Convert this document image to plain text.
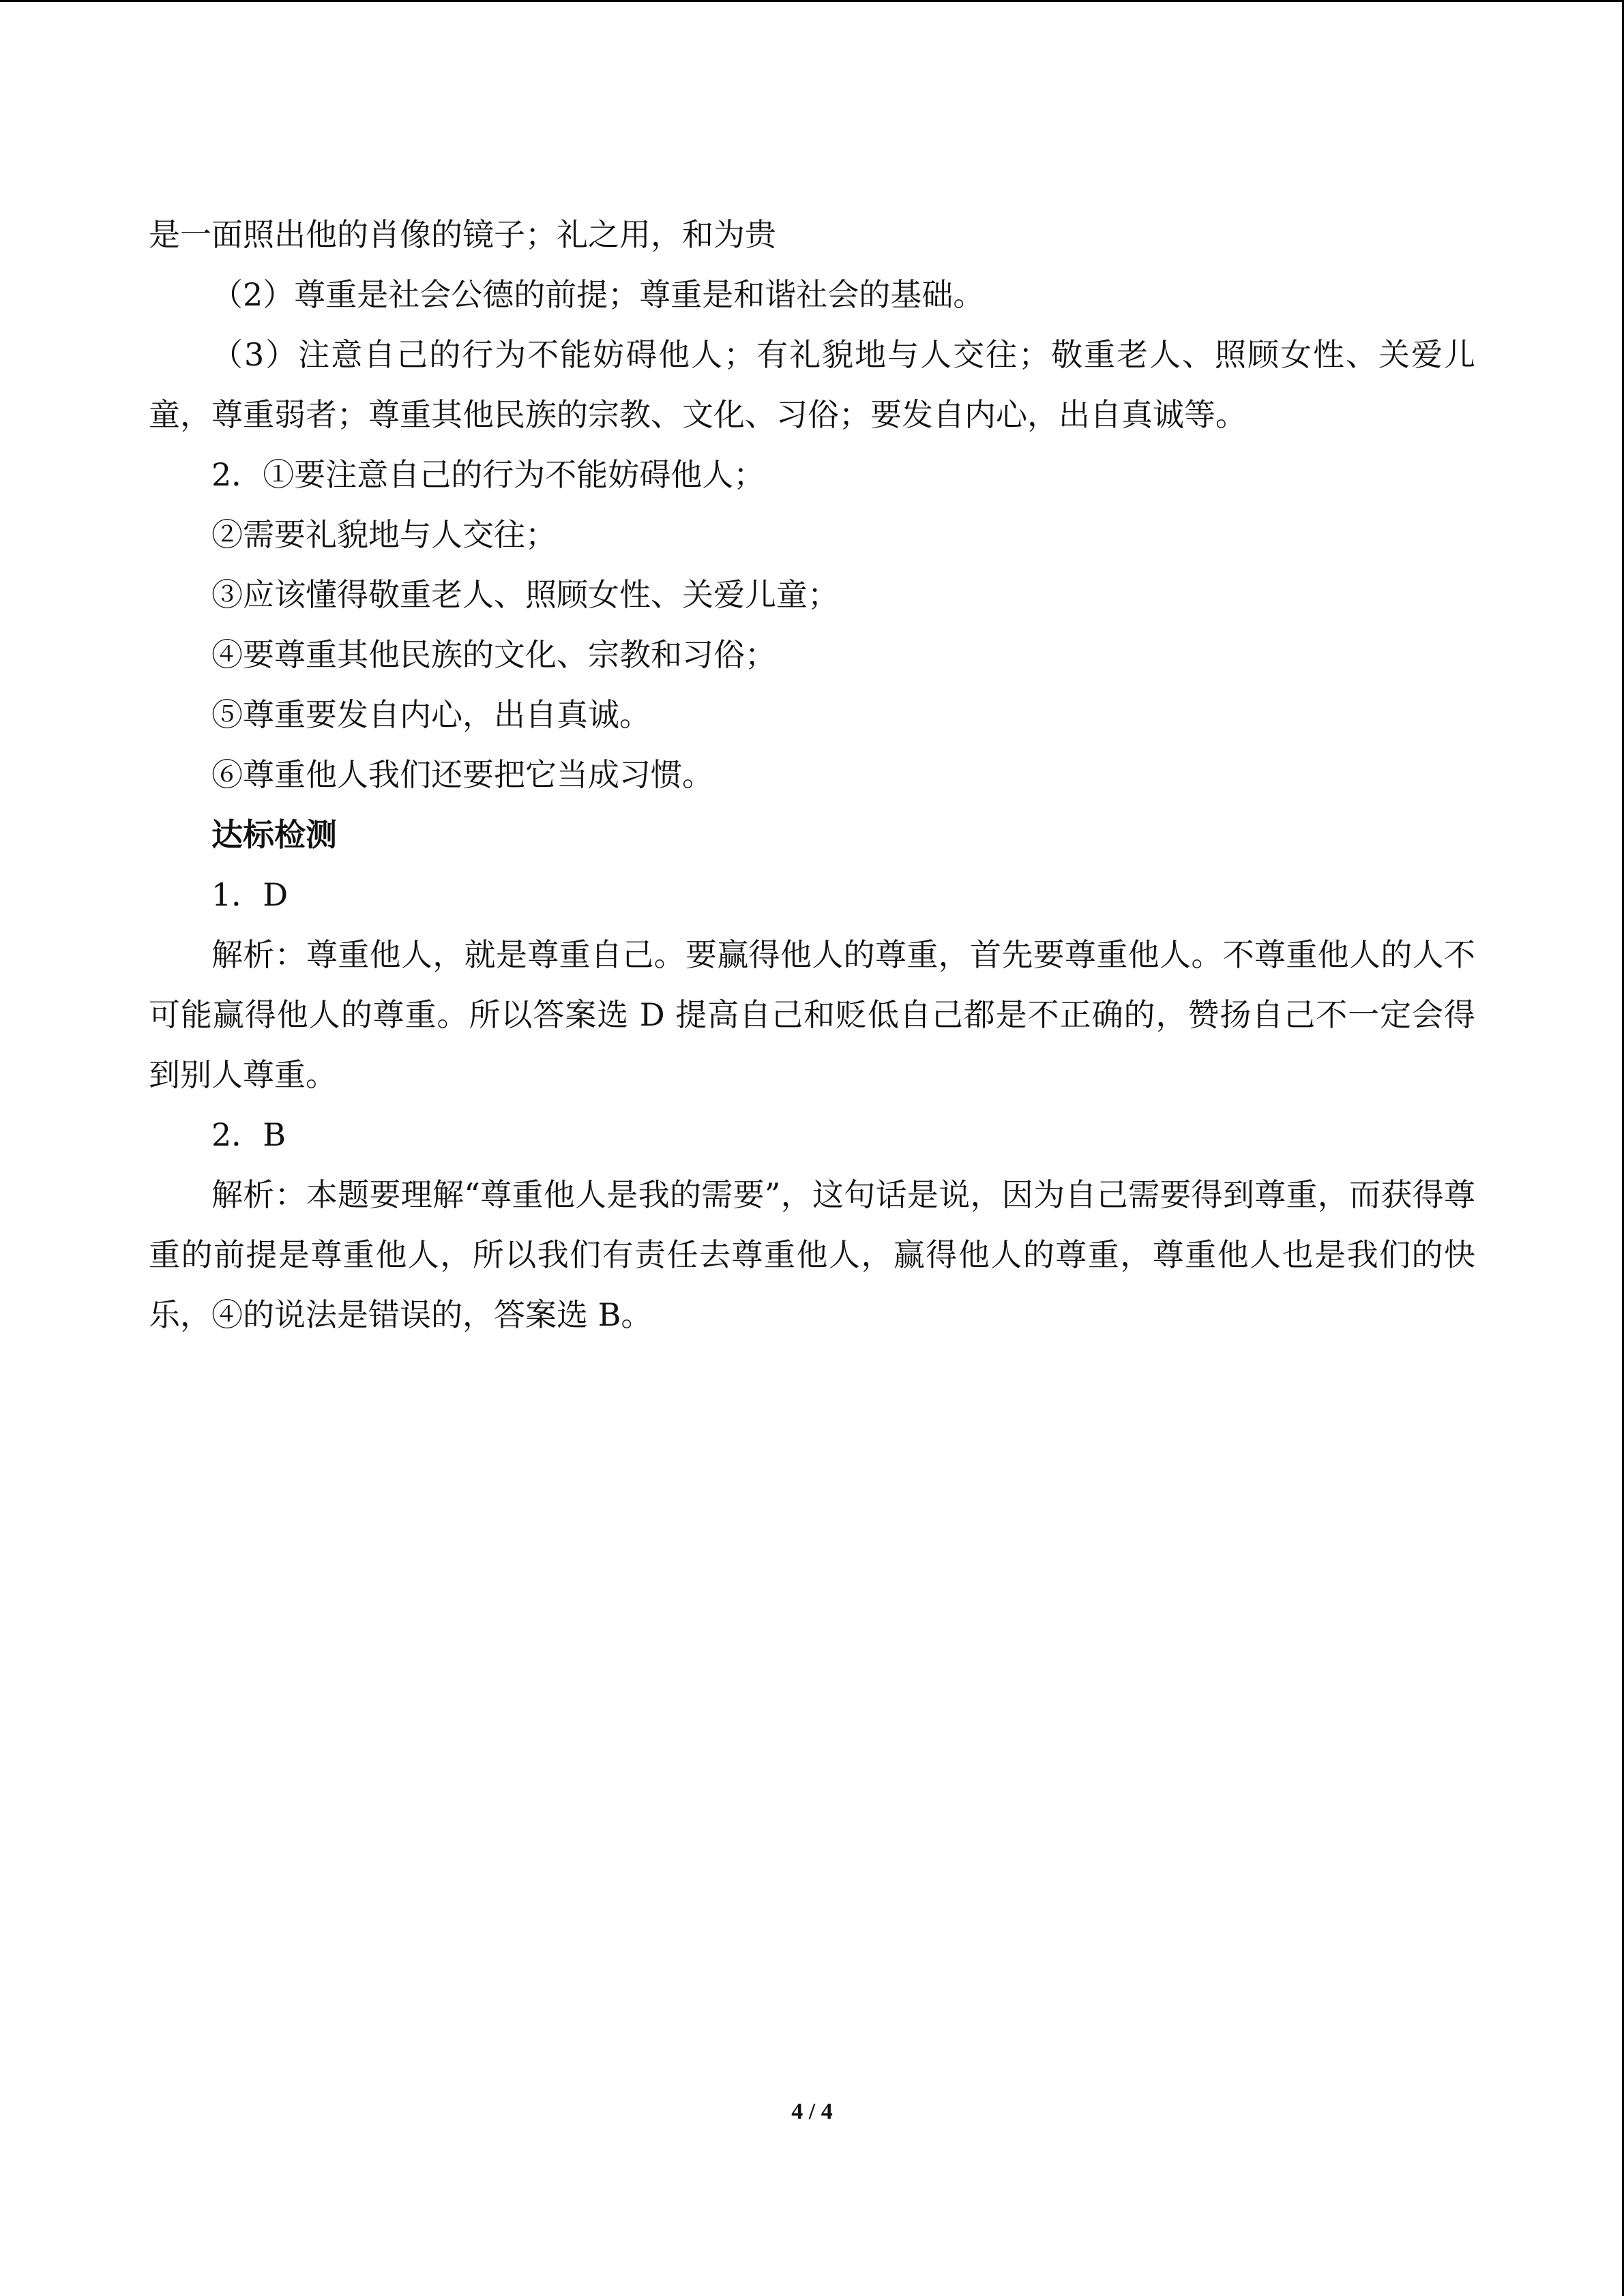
是一面照出他的肖像的镜子；礼之用，和为贵

（2）尊重是社会公德的前提；尊重是和谐社会的基础。

（3）注意自己的行为不能妨碍他人；有礼貌地与人交往；敬重老人、照顾女性、关爱儿童，尊重弱者；尊重其他民族的宗教、文化、习俗；要发自内心，出自真诚等。

2．①要注意自己的行为不能妨碍他人；

②需要礼貌地与人交往；

③应该懂得敬重老人、照顾女性、关爱儿童；

④要尊重其他民族的文化、宗教和习俗；

⑤尊重要发自内心，出自真诚。

⑥尊重他人我们还要把它当成习惯。

达标检测

1．D

解析：尊重他人，就是尊重自己。要赢得他人的尊重，首先要尊重他人。不尊重他人的人不可能赢得他人的尊重。所以答案选 D 提高自己和贬低自己都是不正确的，赞扬自己不一定会得到别人尊重。

2．B

解析：本题要理解“尊重他人是我的需要”，这句话是说，因为自己需要得到尊重，而获得尊重的前提是尊重他人，所以我们有责任去尊重他人，赢得他人的尊重，尊重他人也是我们的快乐，④的说法是错误的，答案选 B。

4 / 4
